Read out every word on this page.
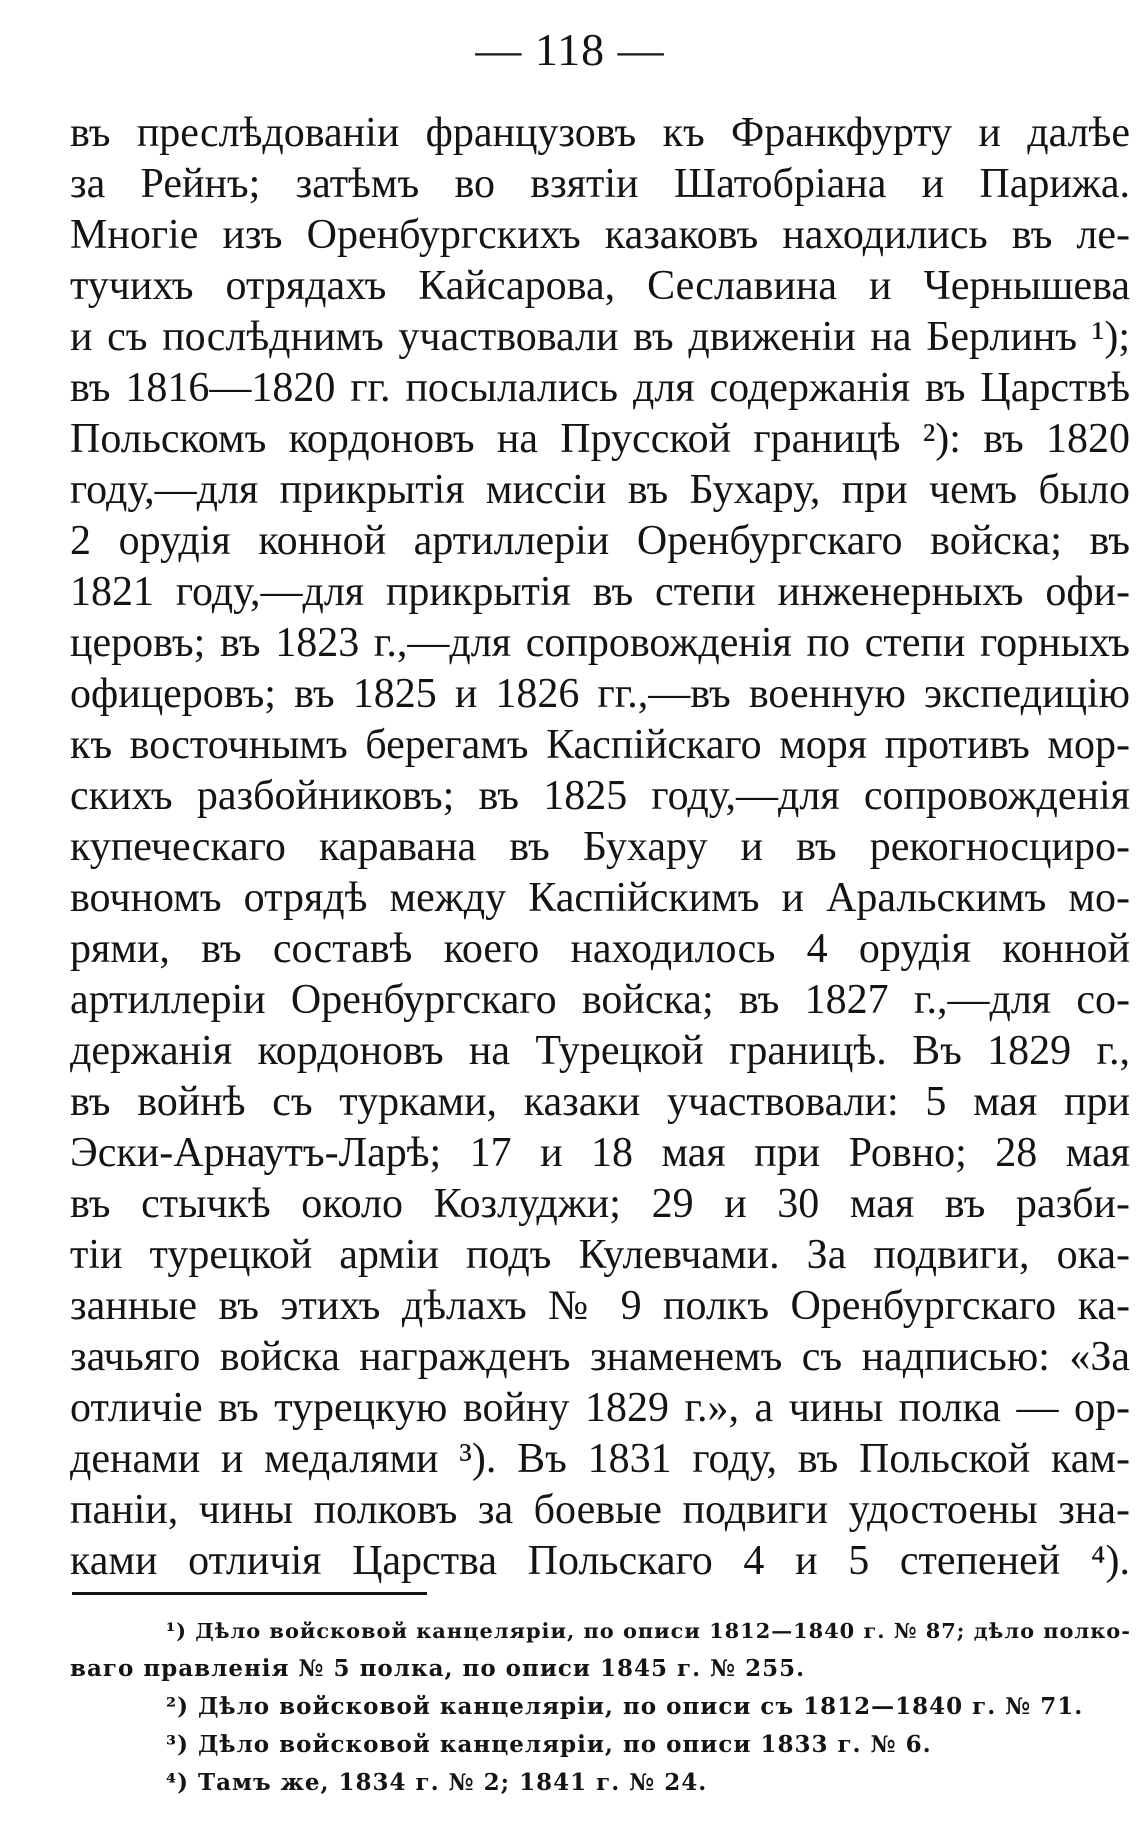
— 118 —
въ преслѣдованіи французовъ къ Франкфурту и далѣе
за Рейнъ; затѣмъ во взятіи Шатобріана и Парижа.
Многіе изъ Оренбургскихъ казаковъ находились въ ле-
тучихъ отрядахъ Кайсарова, Сеславина и Чернышева
и съ послѣднимъ участвовали въ движеніи на Берлинъ ¹);
въ 1816—1820 гг. посылались для содержанія въ Царствѣ
Польскомъ кордоновъ на Прусской границѣ ²): въ 1820
году,—для прикрытія миссіи въ Бухару, при чемъ было
2 орудія конной артиллеріи Оренбургскаго войска; въ
1821 году,—для прикрытія въ степи инженерныхъ офи-
церовъ; въ 1823 г.,—для сопровожденія по степи горныхъ
офицеровъ; въ 1825 и 1826 гг.,—въ военную экспедицію
къ восточнымъ берегамъ Каспійскаго моря противъ мор-
скихъ разбойниковъ; въ 1825 году,—для сопровожденія
купеческаго каравана въ Бухару и въ рекогносциро-
вочномъ отрядѣ между Каспійскимъ и Аральскимъ мо-
рями, въ составѣ коего находилось 4 орудія конной
артиллеріи Оренбургскаго войска; въ 1827 г.,—для со-
держанія кордоновъ на Турецкой границѣ. Въ 1829 г.,
въ войнѣ съ турками, казаки участвовали: 5 мая при
Эски-Арнаутъ-Ларѣ; 17 и 18 мая при Ровно; 28 мая
въ стычкѣ около Козлуджи; 29 и 30 мая въ разби-
тіи турецкой арміи подъ Кулевчами. За подвиги, ока-
занные въ этихъ дѣлахъ № 9 полкъ Оренбургскаго ка-
зачьяго войска награжденъ знаменемъ съ надписью: «За
отличіе въ турецкую войну 1829 г.», а чины полка — ор-
денами и медалями ³). Въ 1831 году, въ Польской кам-
паніи, чины полковъ за боевые подвиги удостоены зна-
ками отличія Царства Польскаго 4 и 5 степеней ⁴).
¹) Дѣло войсковой канцеляріи, по описи 1812—1840 г. № 87; дѣло полко-
ваго правленія № 5 полка, по описи 1845 г. № 255.
²) Дѣло войсковой канцеляріи, по описи съ 1812—1840 г. № 71.
³) Дѣло войсковой канцеляріи, по описи 1833 г. № 6.
⁴) Тамъ же, 1834 г. № 2; 1841 г. № 24.
